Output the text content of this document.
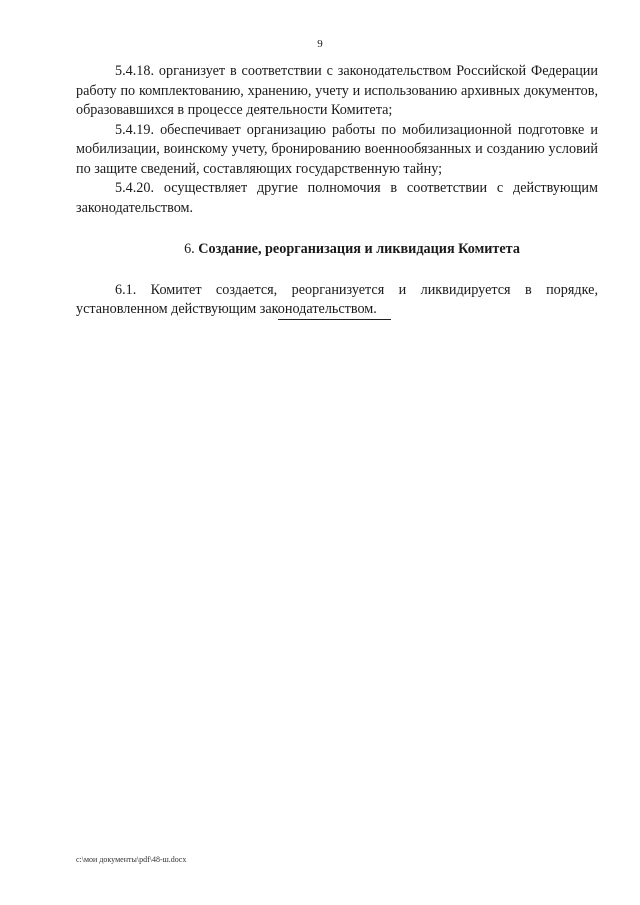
9

5.4.18. организует в соответствии с законодательством Российской Федерации работу по комплектованию, хранению, учету и использованию архивных документов, образовавшихся в процессе деятельности Комитета;

5.4.19. обеспечивает организацию работы по мобилизационной подготовке и мобилизации, воинскому учету, бронированию военнообязанных и созданию условий по защите сведений, составляющих государственную тайну;

5.4.20. осуществляет другие полномочия в соответствии с действующим законодательством.

6. Создание, реорганизация и ликвидация Комитета

6.1. Комитет создается, реорганизуется и ликвидируется в порядке, установленном действующим законодательством.

c:\мои документы\pdf\48-ш.docx
